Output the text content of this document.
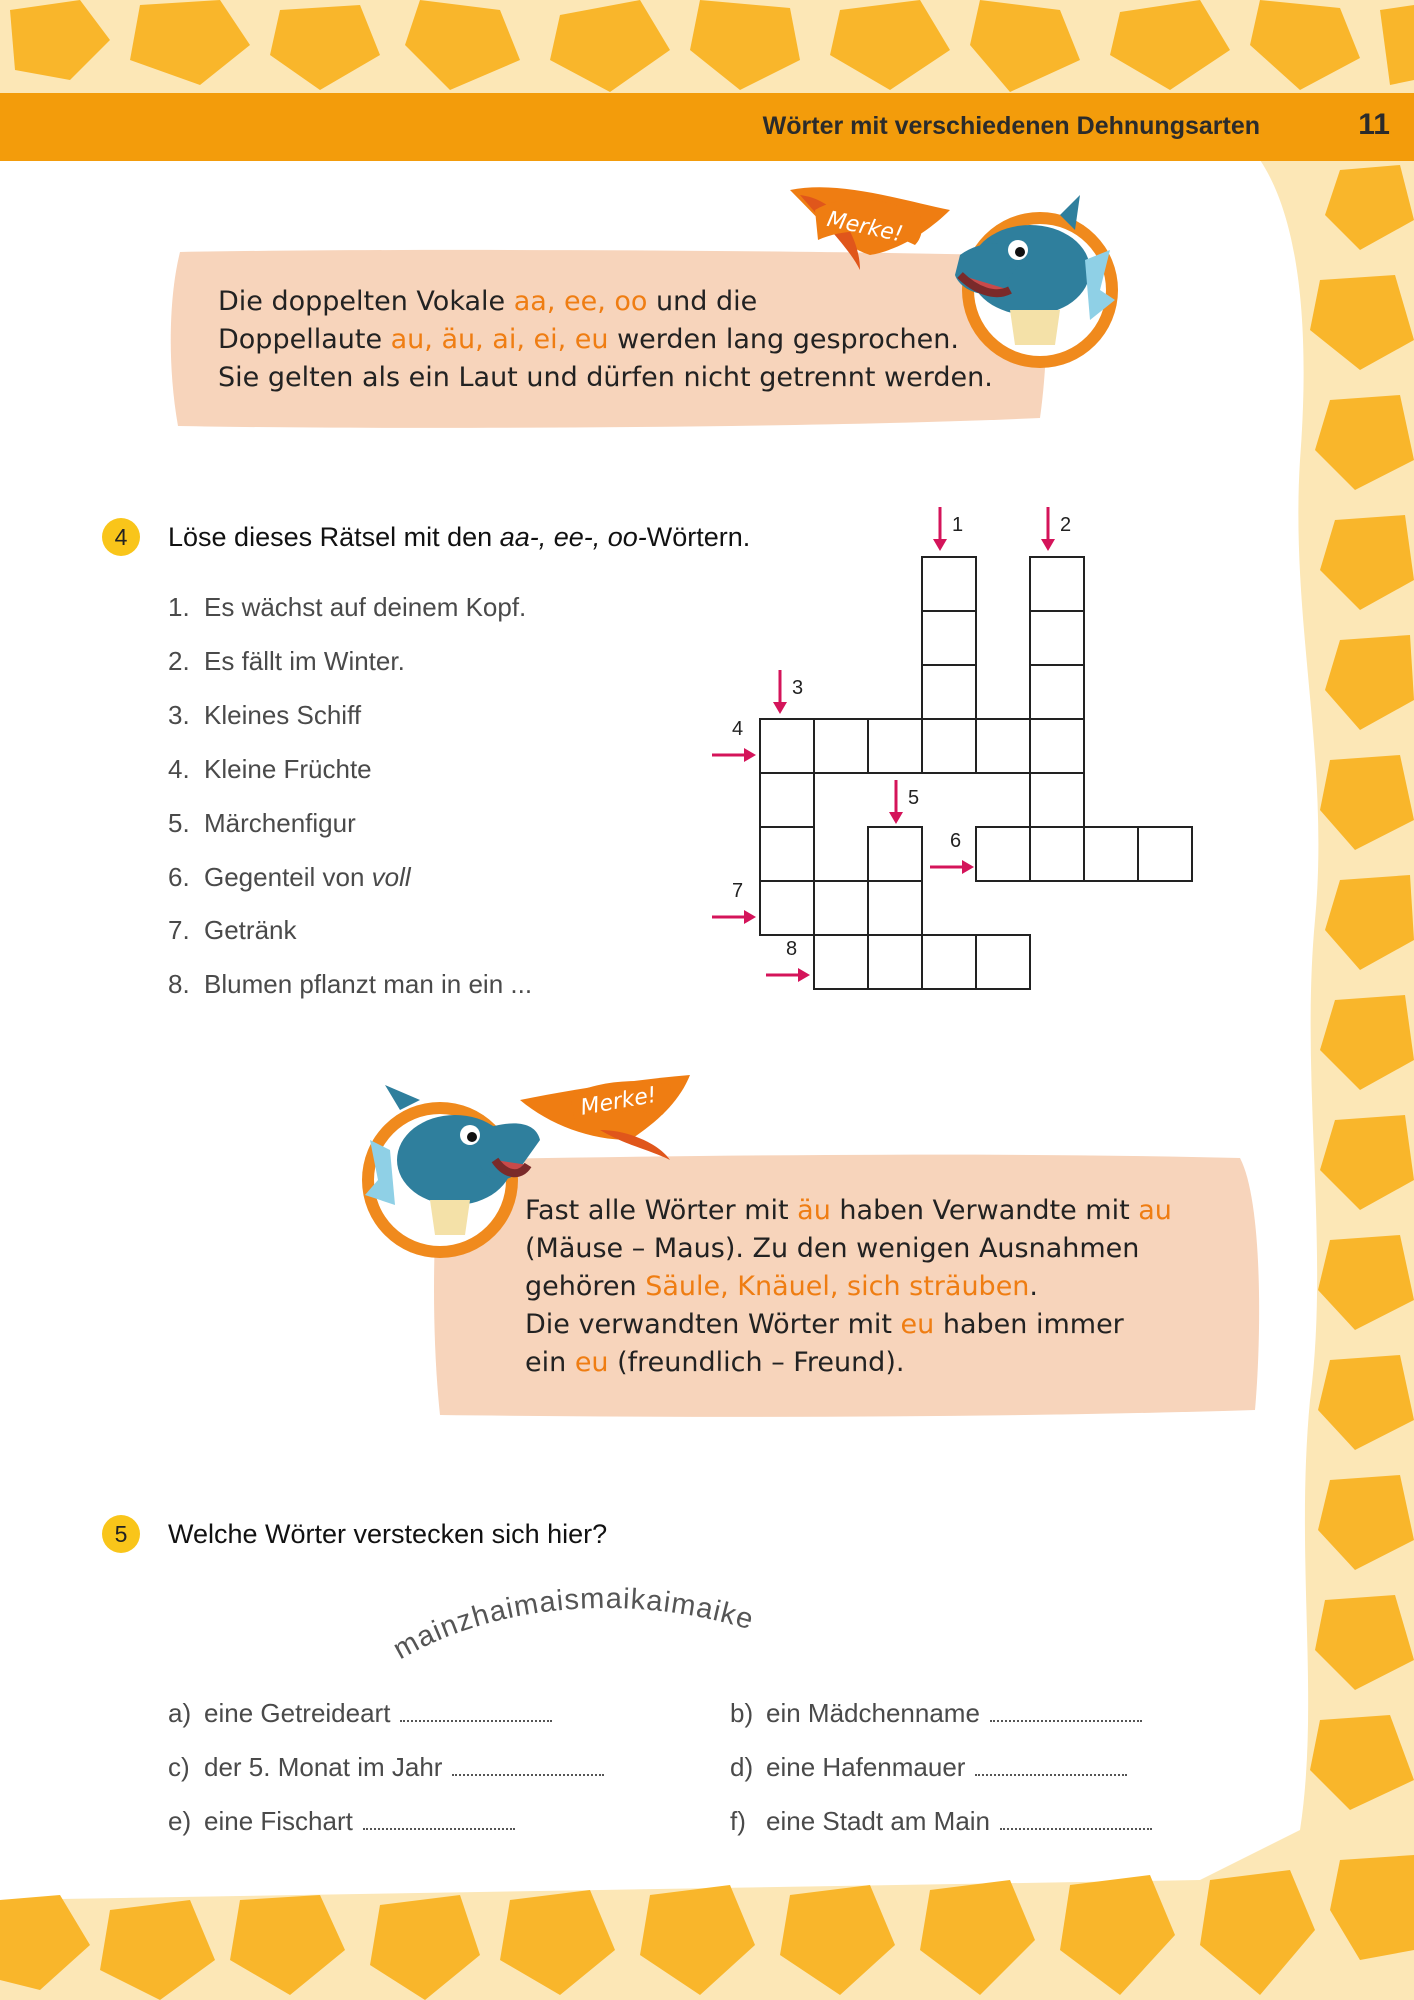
Wörter mit verschiedenen Dehnungsarten	11
Merke!
Merke!
mainzhaimaismaikaimaike
Die doppelten Vokale aa, ee, oo und die
Doppellaute au, äu, ai, ei, eu werden lang gesprochen.
Sie gelten als ein Laut und dürfen nicht getrennt werden.
4	Löse dieses Rätsel mit den aa-, ee-, oo-Wörtern.
1. Es wächst auf deinem Kopf.
2. Es fällt im Winter.
3. Kleines Schiff
4. Kleine Früchte
5. Märchenfigur
6. Gegenteil von voll
7. Getränk
8. Blumen pflanzt man in ein ...
1	2
3
4
5
6
7
8
Fast alle Wörter mit äu haben Verwandte mit au
(Mäuse – Maus). Zu den wenigen Ausnahmen
gehören Säule, Knäuel, sich sträuben.
Die verwandten Wörter mit eu haben immer
ein eu (freundlich – Freund).
5	Welche Wörter verstecken sich hier?
a) eine Getreideart	b) ein Mädchenname
c) der 5. Monat im Jahr	d) eine Hafenmauer
e) eine Fischart	f) eine Stadt am Main
